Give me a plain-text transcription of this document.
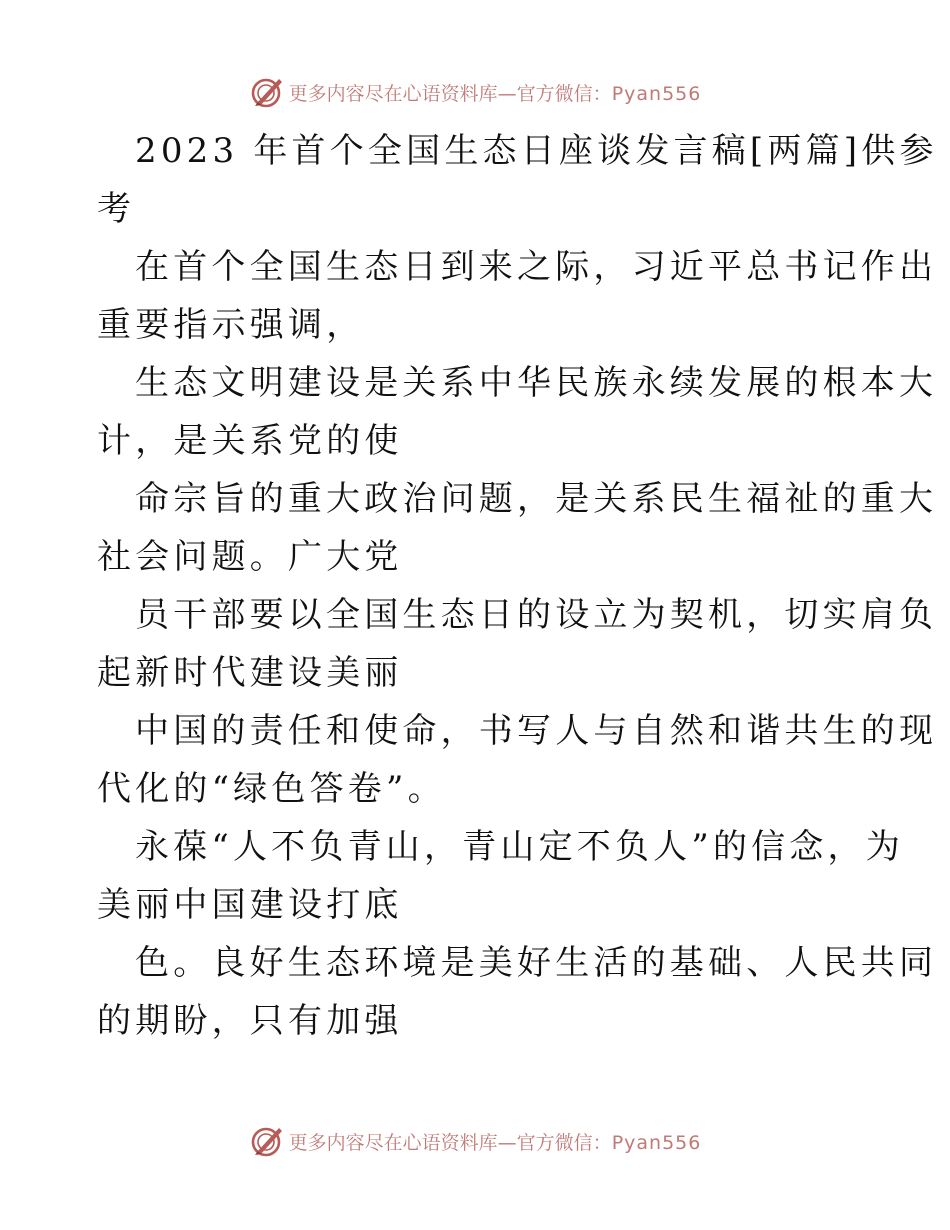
更多内容尽在心语资料库—官方微信：Pyan556
2023 年首个全国生态日座谈发言稿[两篇]供参
考
在首个全国生态日到来之际，习近平总书记作出
重要指示强调，
生态文明建设是关系中华民族永续发展的根本大
计，是关系党的使
命宗旨的重大政治问题，是关系民生福祉的重大
社会问题。广大党
员干部要以全国生态日的设立为契机，切实肩负
起新时代建设美丽
中国的责任和使命，书写人与自然和谐共生的现
代化的“绿色答卷”。
永葆“人不负青山，青山定不负人”的信念，为
美丽中国建设打底
色。良好生态环境是美好生活的基础、人民共同
的期盼，只有加强
更多内容尽在心语资料库—官方微信：Pyan556
